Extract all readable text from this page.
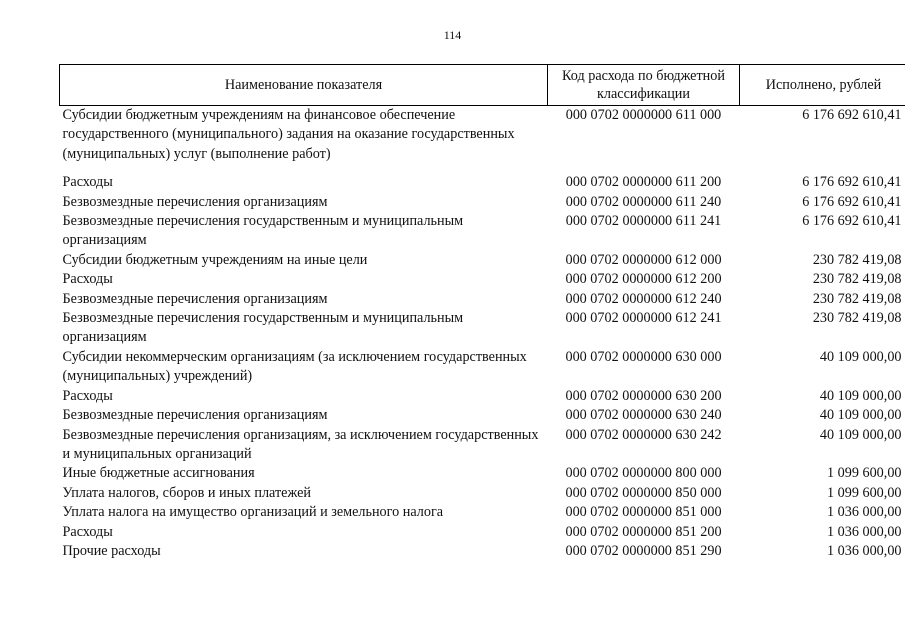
114
Наименование показателя	Код расхода по бюджетной классификации	Исполнено, рублей
Субсидии бюджетным учреждениям на финансовое обеспечение государственного (муниципального) задания на оказание государственных (муниципальных) услуг (выполнение работ)	000 0702 0000000 611 000	6 176 692 610,41
Расходы	000 0702 0000000 611 200	6 176 692 610,41
Безвозмездные перечисления организациям	000 0702 0000000 611 240	6 176 692 610,41
Безвозмездные перечисления государственным и муниципальным организациям	000 0702 0000000 611 241	6 176 692 610,41
Субсидии бюджетным учреждениям на иные цели	000 0702 0000000 612 000	230 782 419,08
Расходы	000 0702 0000000 612 200	230 782 419,08
Безвозмездные перечисления организациям	000 0702 0000000 612 240	230 782 419,08
Безвозмездные перечисления государственным и муниципальным организациям	000 0702 0000000 612 241	230 782 419,08
Субсидии некоммерческим организациям (за исключением государственных (муниципальных) учреждений)	000 0702 0000000 630 000	40 109 000,00
Расходы	000 0702 0000000 630 200	40 109 000,00
Безвозмездные перечисления организациям	000 0702 0000000 630 240	40 109 000,00
Безвозмездные перечисления организациям, за исключением государственных и муниципальных организаций	000 0702 0000000 630 242	40 109 000,00
Иные бюджетные ассигнования	000 0702 0000000 800 000	1 099 600,00
Уплата налогов, сборов и иных платежей	000 0702 0000000 850 000	1 099 600,00
Уплата налога на имущество организаций и земельного налога	000 0702 0000000 851 000	1 036 000,00
Расходы	000 0702 0000000 851 200	1 036 000,00
Прочие расходы	000 0702 0000000 851 290	1 036 000,00
